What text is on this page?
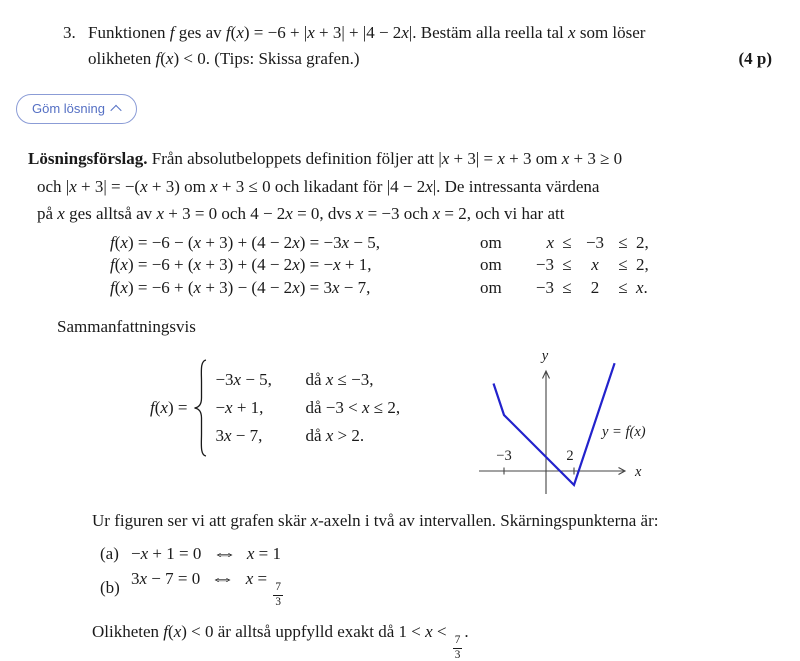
3. Funktionen f ges av f(x) = −6 + |x + 3| + |4 − 2x|. Bestäm alla reella tal x som löser
olikheten f(x) < 0. (Tips: Skissa grafen.)	(4 p)
Göm lösning
Lösningsförslag. Från absolutbeloppets definition följer att |x + 3| = x + 3 om x + 3 ≥ 0
och |x + 3| = −(x + 3) om x + 3 ≤ 0 och likadant för |4 − 2x|. De intressanta värdena
på x ges alltså av x + 3 = 0 och 4 − 2x = 0, dvs x = −3 och x = 2, och vi har att
f(x) = −6 − (x + 3) + (4 − 2x) = −3x − 5,	om	x ≤ −3 ≤ 2,
f(x) = −6 + (x + 3) + (4 − 2x) = −x + 1,	om	−3 ≤	x	≤ 2,
f(x) = −6 + (x + 3) − (4 − 2x) = 3x − 7,	om	−3 ≤	2	≤ x.
Sammanfattningsvis
f(x) =
−3x − 5,	då x ≤ −3,
−x + 1,	då −3 < x ≤ 2,
3x − 7,	då x > 2.
−3	2
x
y
y = f(x)
Ur figuren ser vi att grafen skär x-axeln i två av intervallen. Skärningspunkterna är:
(a) −x + 1 = 0 ⇔ x = 1
(b) 3x − 7 = 0 ⇔ x =
$\frac{7}{3}$
Olikheten f(x) < 0 är alltså uppfylld exakt då 1 < x <
$\frac{7}{3}$
.
